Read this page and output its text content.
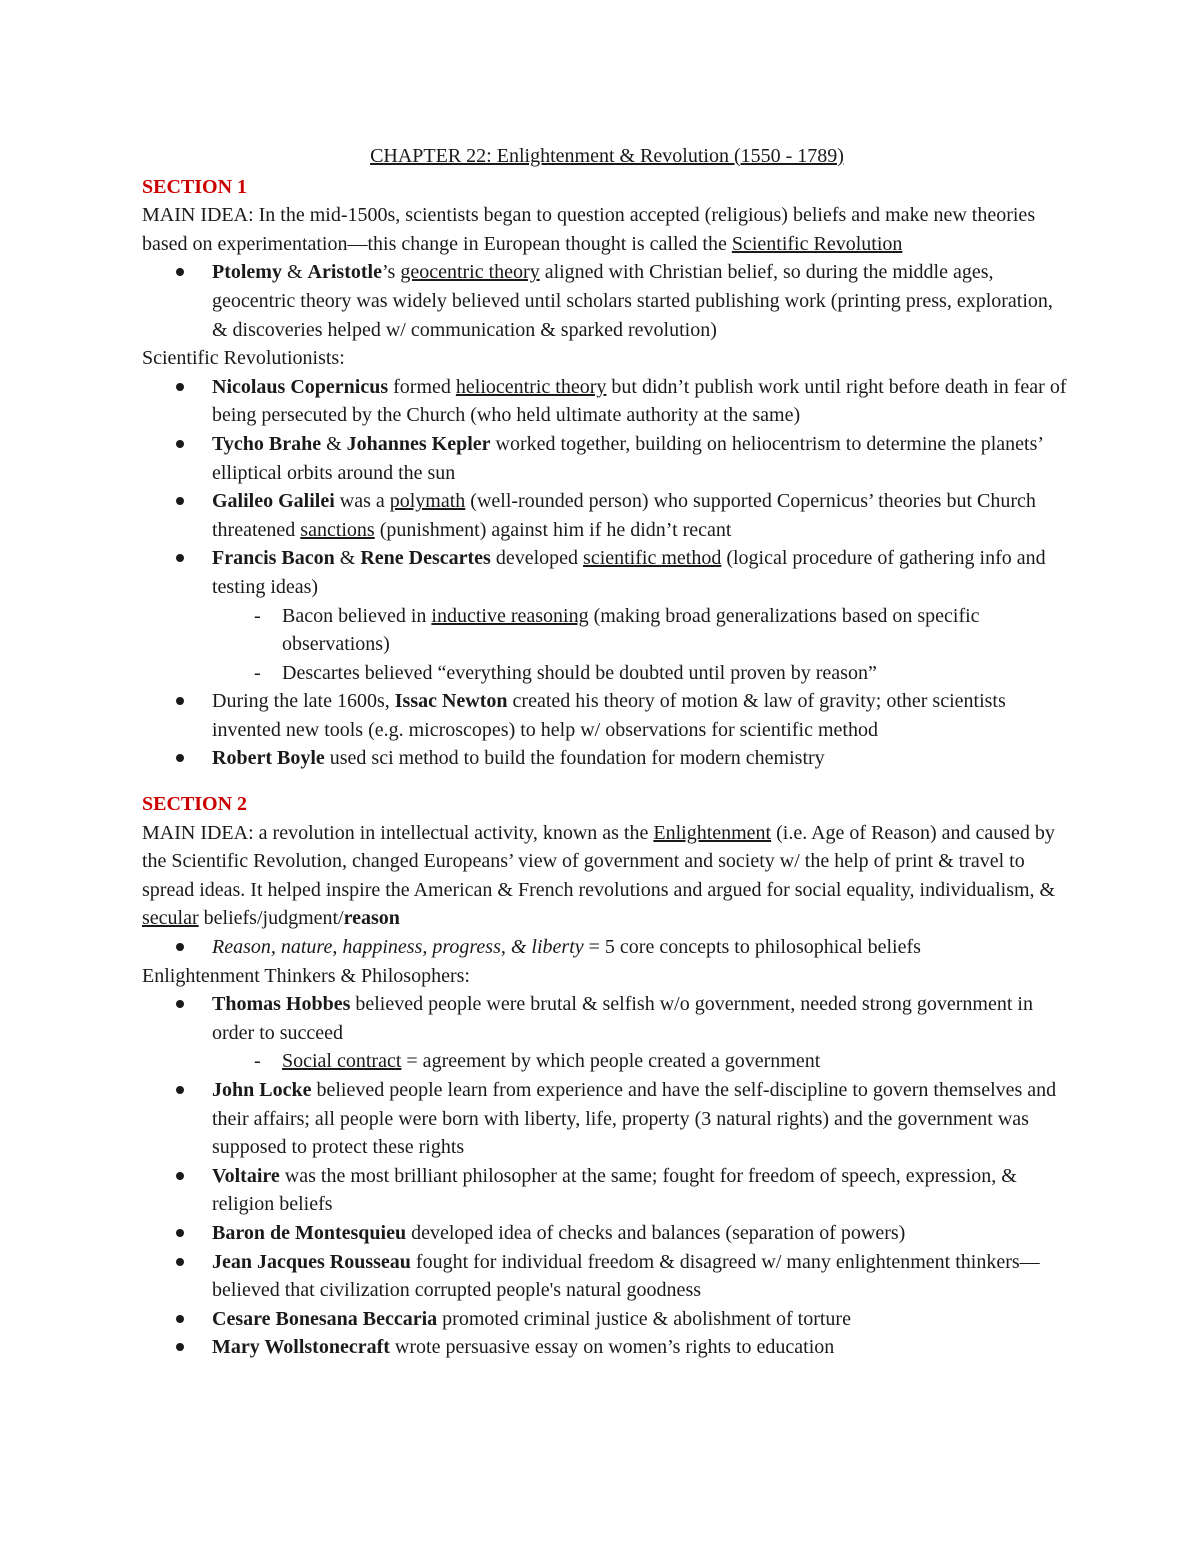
CHAPTER 22: Enlightenment & Revolution (1550 - 1789)
SECTION 1
MAIN IDEA: In the mid-1500s, scientists began to question accepted (religious) beliefs and make new theories based on experimentation—this change in European thought is called the Scientific Revolution
Ptolemy & Aristotle’s geocentric theory aligned with Christian belief, so during the middle ages, geocentric theory was widely believed until scholars started publishing work (printing press, exploration, & discoveries helped w/ communication & sparked revolution)
Scientific Revolutionists:
Nicolaus Copernicus formed heliocentric theory but didn’t publish work until right before death in fear of being persecuted by the Church (who held ultimate authority at the same)
Tycho Brahe & Johannes Kepler worked together, building on heliocentrism to determine the planets’ elliptical orbits around the sun
Galileo Galilei was a polymath (well-rounded person) who supported Copernicus’ theories but Church threatened sanctions (punishment) against him if he didn’t recant
Francis Bacon & Rene Descartes developed scientific method (logical procedure of gathering info and testing ideas)
- Bacon believed in inductive reasoning (making broad generalizations based on specific observations)
- Descartes believed “everything should be doubted until proven by reason”
During the late 1600s, Issac Newton created his theory of motion & law of gravity; other scientists invented new tools (e.g. microscopes) to help w/ observations for scientific method
Robert Boyle used sci method to build the foundation for modern chemistry
SECTION 2
MAIN IDEA: a revolution in intellectual activity, known as the Enlightenment (i.e. Age of Reason) and caused by the Scientific Revolution, changed Europeans’ view of government and society w/ the help of print & travel to spread ideas. It helped inspire the American & French revolutions and argued for social equality, individualism, & secular beliefs/judgment/reason
Reason, nature, happiness, progress, & liberty = 5 core concepts to philosophical beliefs
Enlightenment Thinkers & Philosophers:
Thomas Hobbes believed people were brutal & selfish w/o government, needed strong government in order to succeed
- Social contract = agreement by which people created a government
John Locke believed people learn from experience and have the self-discipline to govern themselves and their affairs; all people were born with liberty, life, property (3 natural rights) and the government was supposed to protect these rights
Voltaire was the most brilliant philosopher at the same; fought for freedom of speech, expression, & religion beliefs
Baron de Montesquieu developed idea of checks and balances (separation of powers)
Jean Jacques Rousseau fought for individual freedom & disagreed w/ many enlightenment thinkers—believed that civilization corrupted people's natural goodness
Cesare Bonesana Beccaria promoted criminal justice & abolishment of torture
Mary Wollstonecraft wrote persuasive essay on women’s rights to education
